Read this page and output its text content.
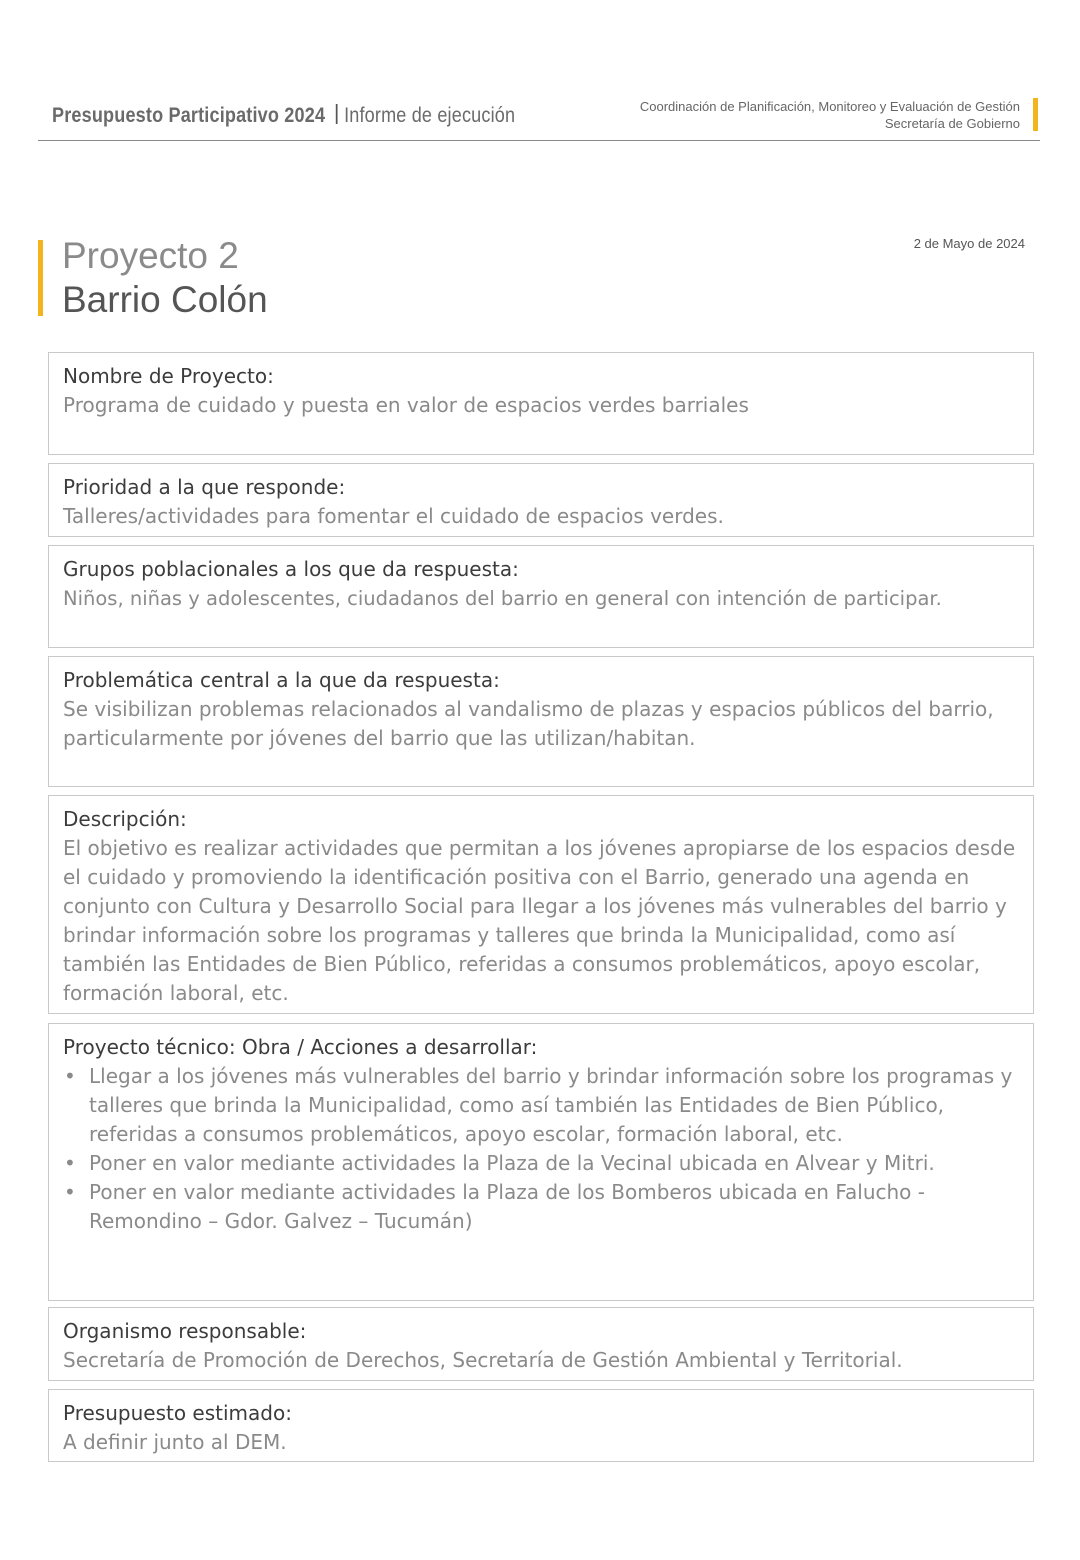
Presupuesto Participativo 2024 Informe de ejecución	Coordinación de Planificación, Monitoreo y Evaluación de Gestión
Secretaría de Gobierno
2 de Mayo de 2024
Proyecto 2
Barrio Colón
Nombre de Proyecto:
Programa de cuidado y puesta en valor de espacios verdes barriales
Prioridad a la que responde:
Talleres/actividades para fomentar el cuidado de espacios verdes.
Grupos poblacionales a los que da respuesta:
Niños, niñas y adolescentes, ciudadanos del barrio en general con intención de participar.
Problemática central a la que da respuesta:
Se visibilizan problemas relacionados al vandalismo de plazas y espacios públicos del barrio, particularmente por jóvenes del barrio que las utilizan/habitan.
Descripción:
El objetivo es realizar actividades que permitan a los jóvenes apropiarse de los espacios desde el cuidado y promoviendo la identificación positiva con el Barrio, generado una agenda en conjunto con Cultura y Desarrollo Social para llegar a los jóvenes más vulnerables del barrio y brindar información sobre los programas y talleres que brinda la Municipalidad, como así también las Entidades de Bien Público, referidas a consumos problemáticos, apoyo escolar, formación laboral, etc.
Proyecto técnico: Obra / Acciones a desarrollar:
• Llegar a los jóvenes más vulnerables del barrio y brindar información sobre los programas y talleres que brinda la Municipalidad, como así también las Entidades de Bien Público, referidas a consumos problemáticos, apoyo escolar, formación laboral, etc.
• Poner en valor mediante actividades la Plaza de la Vecinal ubicada en Alvear y Mitri.
• Poner en valor mediante actividades la Plaza de los Bomberos ubicada en Falucho - Remondino – Gdor. Galvez – Tucumán)
Organismo responsable:
Secretaría de Promoción de Derechos, Secretaría de Gestión Ambiental y Territorial.
Presupuesto estimado:
A definir junto al DEM.
